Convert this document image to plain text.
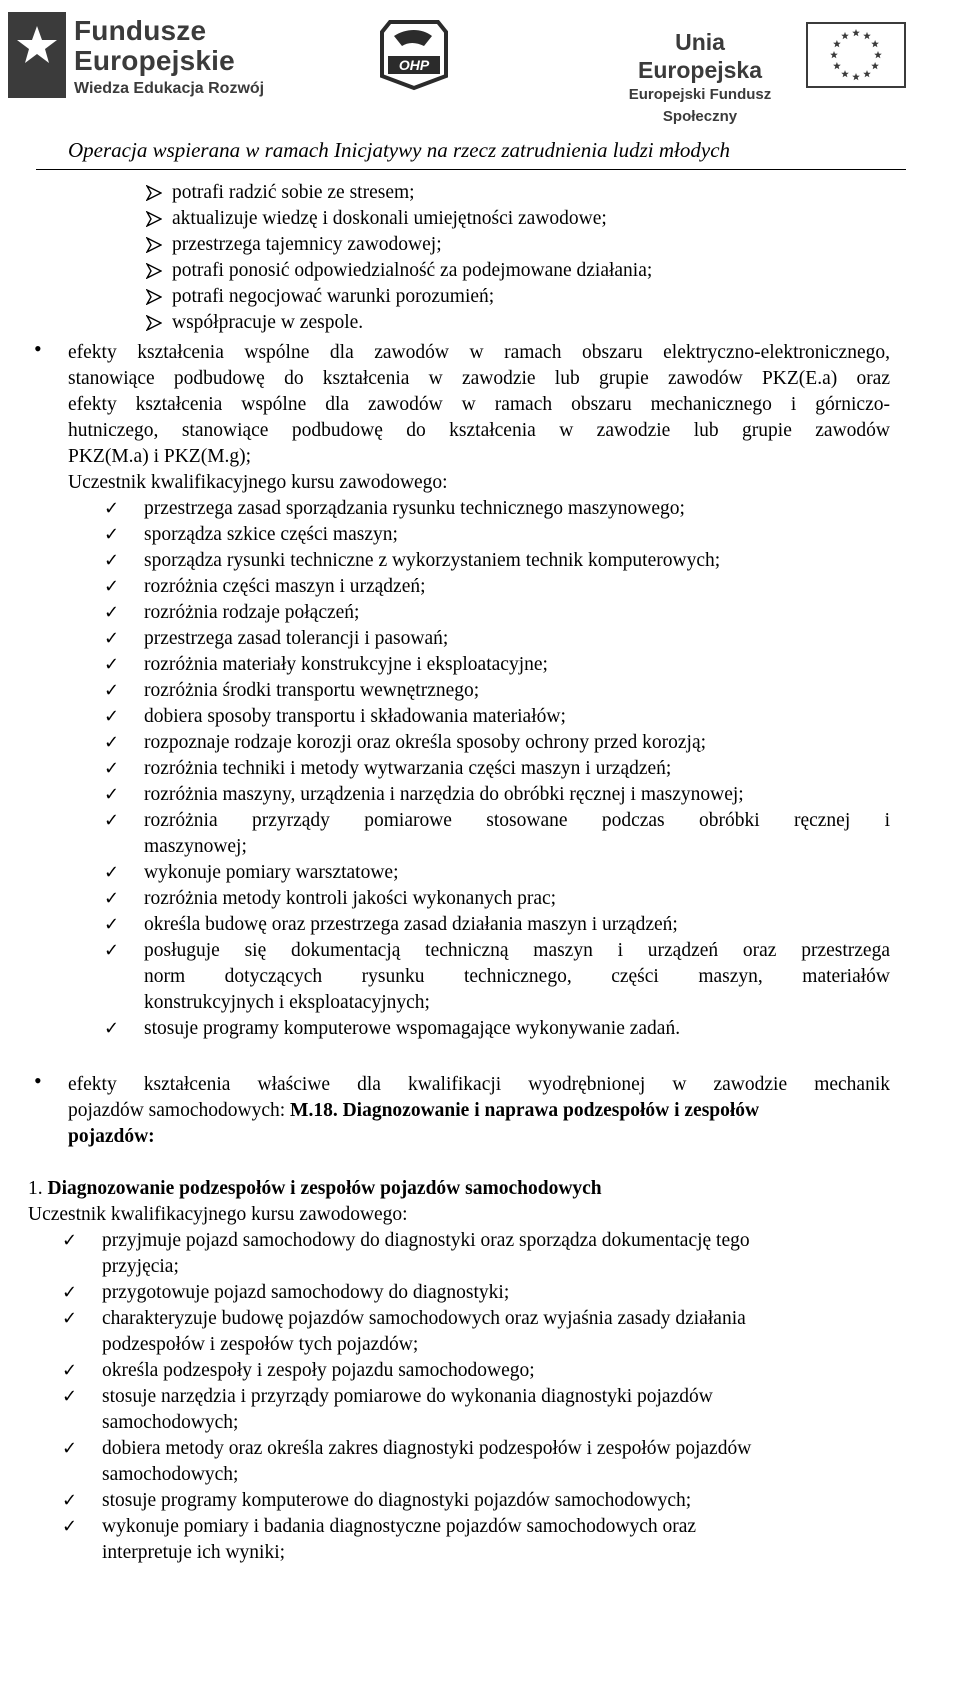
Fundusze
Europejskie
Wiedza Edukacja Rozwój
OHP
Unia Europejska
Europejski Fundusz Społeczny
Operacja wspierana w ramach Inicjatywy na rzecz zatrudnienia ludzi młodych
potrafi radzić sobie ze stresem;
aktualizuje wiedzę i doskonali umiejętności zawodowe;
przestrzega tajemnicy zawodowej;
potrafi ponosić odpowiedzialność za podejmowane działania;
potrafi negocjować warunki porozumień;
współpracuje w zespole.
• efekty kształcenia wspólne dla zawodów w ramach obszaru elektryczno-elektronicznego,
stanowiące podbudowę do kształcenia w zawodzie lub grupie zawodów PKZ(E.a) oraz
efekty kształcenia wspólne dla zawodów w ramach obszaru mechanicznego i górniczo-
hutniczego, stanowiące podbudowę do kształcenia w zawodzie lub grupie zawodów
PKZ(M.a) i PKZ(M.g);
Uczestnik kwalifikacyjnego kursu zawodowego:
✓ przestrzega zasad sporządzania rysunku technicznego maszynowego;
✓ sporządza szkice części maszyn;
✓ sporządza rysunki techniczne z wykorzystaniem technik komputerowych;
✓ rozróżnia części maszyn i urządzeń;
✓ rozróżnia rodzaje połączeń;
✓ przestrzega zasad tolerancji i pasowań;
✓ rozróżnia materiały konstrukcyjne i eksploatacyjne;
✓ rozróżnia środki transportu wewnętrznego;
✓ dobiera sposoby transportu i składowania materiałów;
✓ rozpoznaje rodzaje korozji oraz określa sposoby ochrony przed korozją;
✓ rozróżnia techniki i metody wytwarzania części maszyn i urządzeń;
✓ rozróżnia maszyny, urządzenia i narzędzia do obróbki ręcznej i maszynowej;
✓ rozróżnia przyrządy pomiarowe stosowane podczas obróbki ręcznej i
maszynowej;
✓ wykonuje pomiary warsztatowe;
✓ rozróżnia metody kontroli jakości wykonanych prac;
✓ określa budowę oraz przestrzega zasad działania maszyn i urządzeń;
✓ posługuje się dokumentacją techniczną maszyn i urządzeń oraz przestrzega
norm dotyczących rysunku technicznego, części maszyn, materiałów
konstrukcyjnych i eksploatacyjnych;
✓ stosuje programy komputerowe wspomagające wykonywanie zadań.
• efekty kształcenia właściwe dla kwalifikacji wyodrębnionej w zawodzie mechanik
pojazdów samochodowych: M.18. Diagnozowanie i naprawa podzespołów i zespołów
pojazdów:
1. Diagnozowanie podzespołów i zespołów pojazdów samochodowych
Uczestnik kwalifikacyjnego kursu zawodowego:
✓ przyjmuje pojazd samochodowy do diagnostyki oraz sporządza dokumentację tego
przyjęcia;
✓ przygotowuje pojazd samochodowy do diagnostyki;
✓ charakteryzuje budowę pojazdów samochodowych oraz wyjaśnia zasady działania
podzespołów i zespołów tych pojazdów;
✓ określa podzespoły i zespoły pojazdu samochodowego;
✓ stosuje narzędzia i przyrządy pomiarowe do wykonania diagnostyki pojazdów
samochodowych;
✓ dobiera metody oraz określa zakres diagnostyki podzespołów i zespołów pojazdów
samochodowych;
✓ stosuje programy komputerowe do diagnostyki pojazdów samochodowych;
✓ wykonuje pomiary i badania diagnostyczne pojazdów samochodowych oraz
interpretuje ich wyniki;
